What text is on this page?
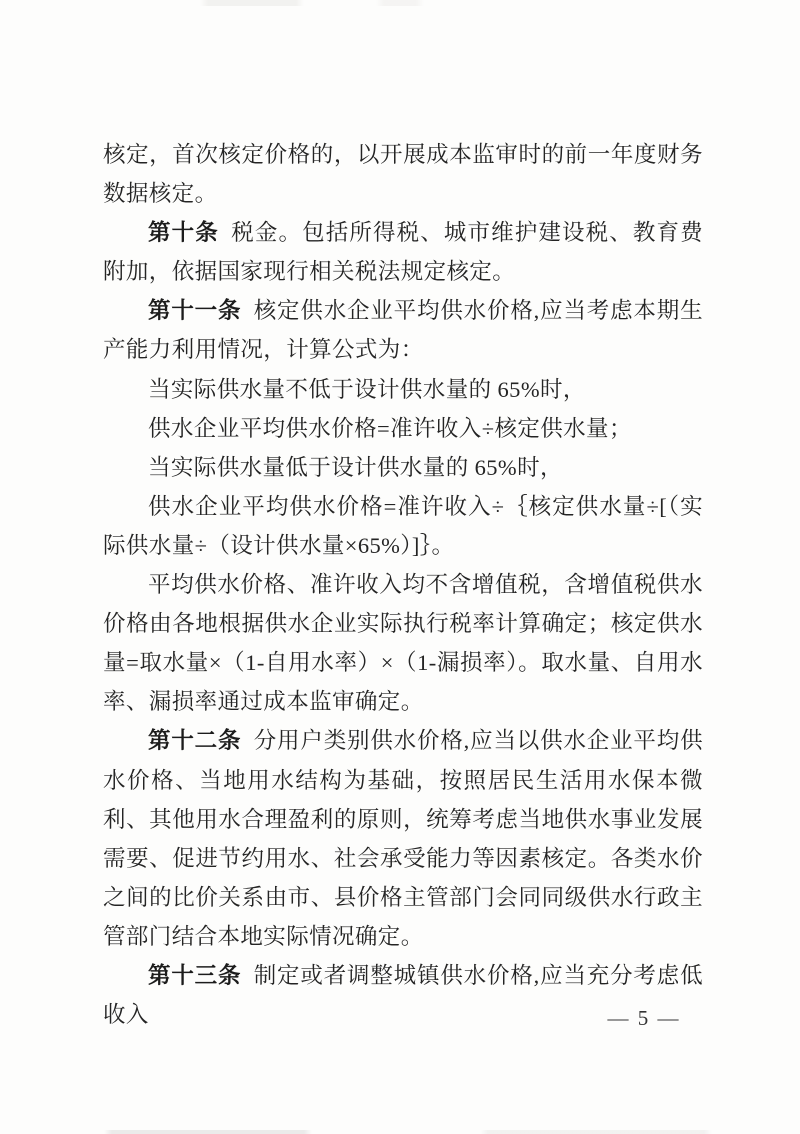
核定，首次核定价格的，以开展成本监审时的前一年度财务数据核定。

第十条 税金。包括所得税、城市维护建设税、教育费附加，依据国家现行相关税法规定核定。

第十一条 核定供水企业平均供水价格,应当考虑本期生产能力利用情况，计算公式为：

当实际供水量不低于设计供水量的 65%时，

供水企业平均供水价格=准许收入÷核定供水量；

当实际供水量低于设计供水量的 65%时，

供水企业平均供水价格=准许收入÷｛核定供水量÷[（实际供水量÷（设计供水量×65%）]｝。

平均供水价格、准许收入均不含增值税，含增值税供水价格由各地根据供水企业实际执行税率计算确定；核定供水量=取水量×（1-自用水率）×（1-漏损率）。取水量、自用水率、漏损率通过成本监审确定。

第十二条 分用户类别供水价格,应当以供水企业平均供水价格、当地用水结构为基础，按照居民生活用水保本微利、其他用水合理盈利的原则，统筹考虑当地供水事业发展需要、促进节约用水、社会承受能力等因素核定。各类水价之间的比价关系由市、县价格主管部门会同同级供水行政主管部门结合本地实际情况确定。

第十三条 制定或者调整城镇供水价格,应当充分考虑低收入	— 5 —
